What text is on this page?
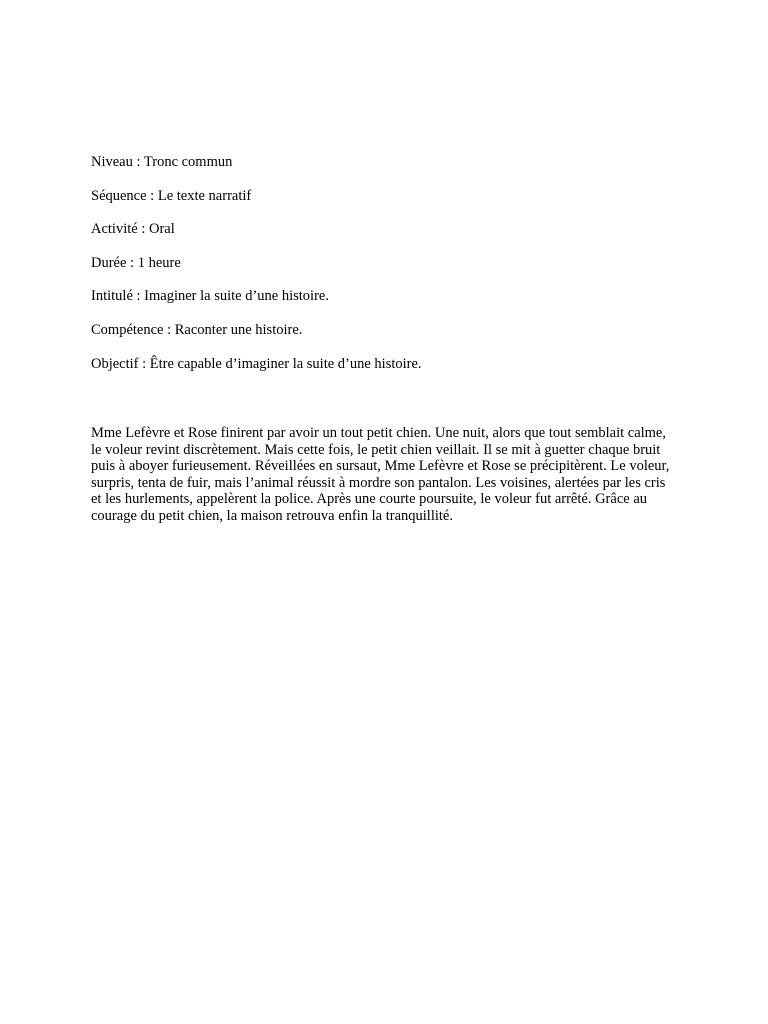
Niveau : Tronc commun
Séquence : Le texte narratif
Activité : Oral
Durée : 1 heure
Intitulé : Imaginer la suite d’une histoire.
Compétence : Raconter une histoire.
Objectif : Être capable d’imaginer la suite d’une histoire.

Mme Lefèvre et Rose finirent par avoir un tout petit chien. Une nuit, alors que tout semblait calme, le voleur revint discrètement. Mais cette fois, le petit chien veillait. Il se mit à guetter chaque bruit puis à aboyer furieusement. Réveillées en sursaut, Mme Lefèvre et Rose se précipitèrent. Le voleur, surpris, tenta de fuir, mais l’animal réussit à mordre son pantalon. Les voisines, alertées par les cris et les hurlements, appelèrent la police. Après une courte poursuite, le voleur fut arrêté. Grâce au courage du petit chien, la maison retrouva enfin la tranquillité.
